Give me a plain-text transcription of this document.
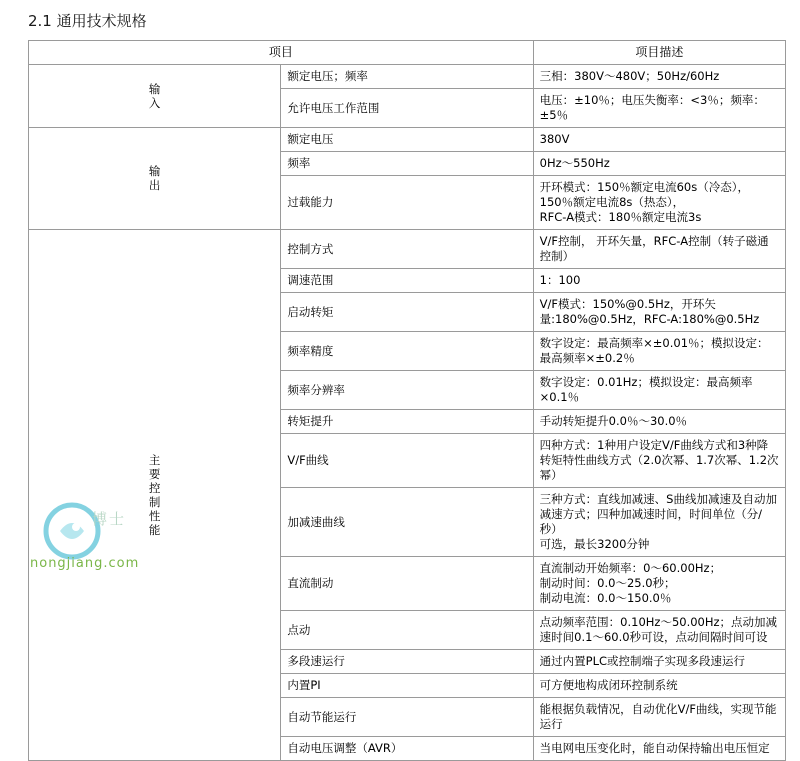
2.1 通用技术规格
项目		项目描述
输入	额定电压；频率	三相：380V～480V；50Hz/60Hz

	允许电压工作范围	电压：±10％；电压失衡率：<3％；频率：±5％

输出	额定电压	380V

	频率	0Hz～550Hz

	过载能力	开环模式：150％额定电流60s（冷态），150％额定电流8s（热态），
RFC-A模式：180％额定电流3s

主要控制性能	控制方式	V/F控制， 开环矢量，RFC-A控制（转子磁通控制）

	调速范围	1：100

	启动转矩	V/F模式：150%@0.5Hz，开环矢量:180%@0.5Hz，RFC-A:180%@0.5Hz

	频率精度	数字设定：最高频率×±0.01％；模拟设定：最高频率×±0.2％

	频率分辨率	数字设定：0.01Hz；模拟设定：最高频率×0.1％

	转矩提升	手动转矩提升0.0％～30.0％

	V/F曲线	四种方式：1种用户设定V/F曲线方式和3种降转矩特性曲线方式（2.0次幂、1.7次幂、1.2次幂）

	加减速曲线	三种方式：直线加减速、S曲线加减速及自动加减速方式；四种加减速时间，时间单位（分/秒）
可选，最长3200分钟

	直流制动	直流制动开始频率：0～60.00Hz；
制动时间：0.0～25.0秒；
制动电流：0.0～150.0％

	点动	点动频率范围：0.10Hz～50.00Hz；点动加减速时间0.1～60.0秒可设，点动间隔时间可设

	多段速运行	通过内置PLC或控制端子实现多段速运行

	内置PI	可方便地构成闭环控制系统

	自动节能运行	能根据负载情况，自动优化V/F曲线，实现节能运行

	自动电压调整（AVR）	当电网电压变化时，能自动保持输出电压恒定
博士
nongjiang.com
